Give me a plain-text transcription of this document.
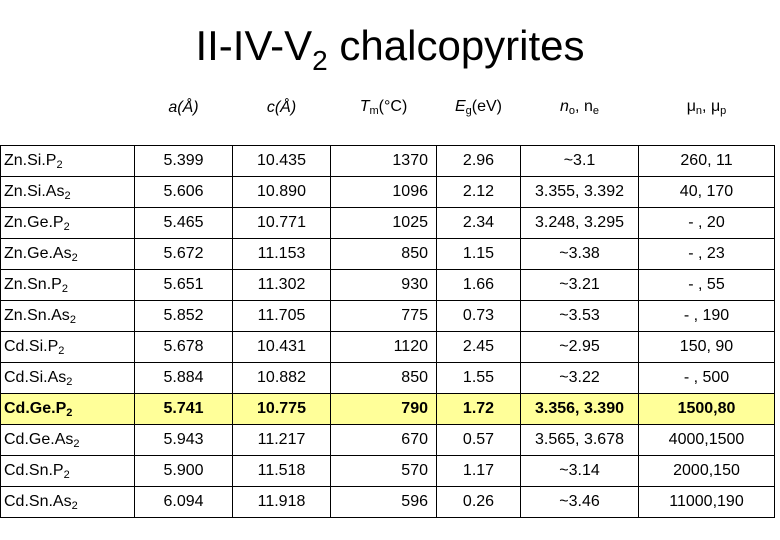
$II-IV-V_2$ chalcopyrites
	a(Å)	c(Å)	$T_m(^\circ C)$	$E_g(eV)$	$n_o$, $n_e$	$\mu_n$, $\mu_p$
$Zn.Si.P_2$	5.399	10.435	1370	2.96	~3.1	260, 11
$Zn.Si.As_2$	5.606	10.890	1096	2.12	3.355, 3.392	40, 170
$Zn.Ge.P_2$	5.465	10.771	1025	2.34	3.248, 3.295	- , 20
$Zn.Ge.As_2$	5.672	11.153	850	1.15	~3.38	- , 23
$Zn.Sn.P_2$	5.651	11.302	930	1.66	~3.21	- , 55
$Zn.Sn.As_2$	5.852	11.705	775	0.73	~3.53	- , 190
$Cd.Si.P_2$	5.678	10.431	1120	2.45	~2.95	150, 90
$Cd.Si.As_2$	5.884	10.882	850	1.55	~3.22	- , 500
$Cd.Ge.P_2$	5.741	10.775	790	1.72	3.356, 3.390	1500,80
$Cd.Ge.As_2$	5.943	11.217	670	0.57	3.565, 3.678	4000,1500
$Cd.Sn.P_2$	5.900	11.518	570	1.17	~3.14	2000,150
$Cd.Sn.As_2$	6.094	11.918	596	0.26	~3.46	11000,190
